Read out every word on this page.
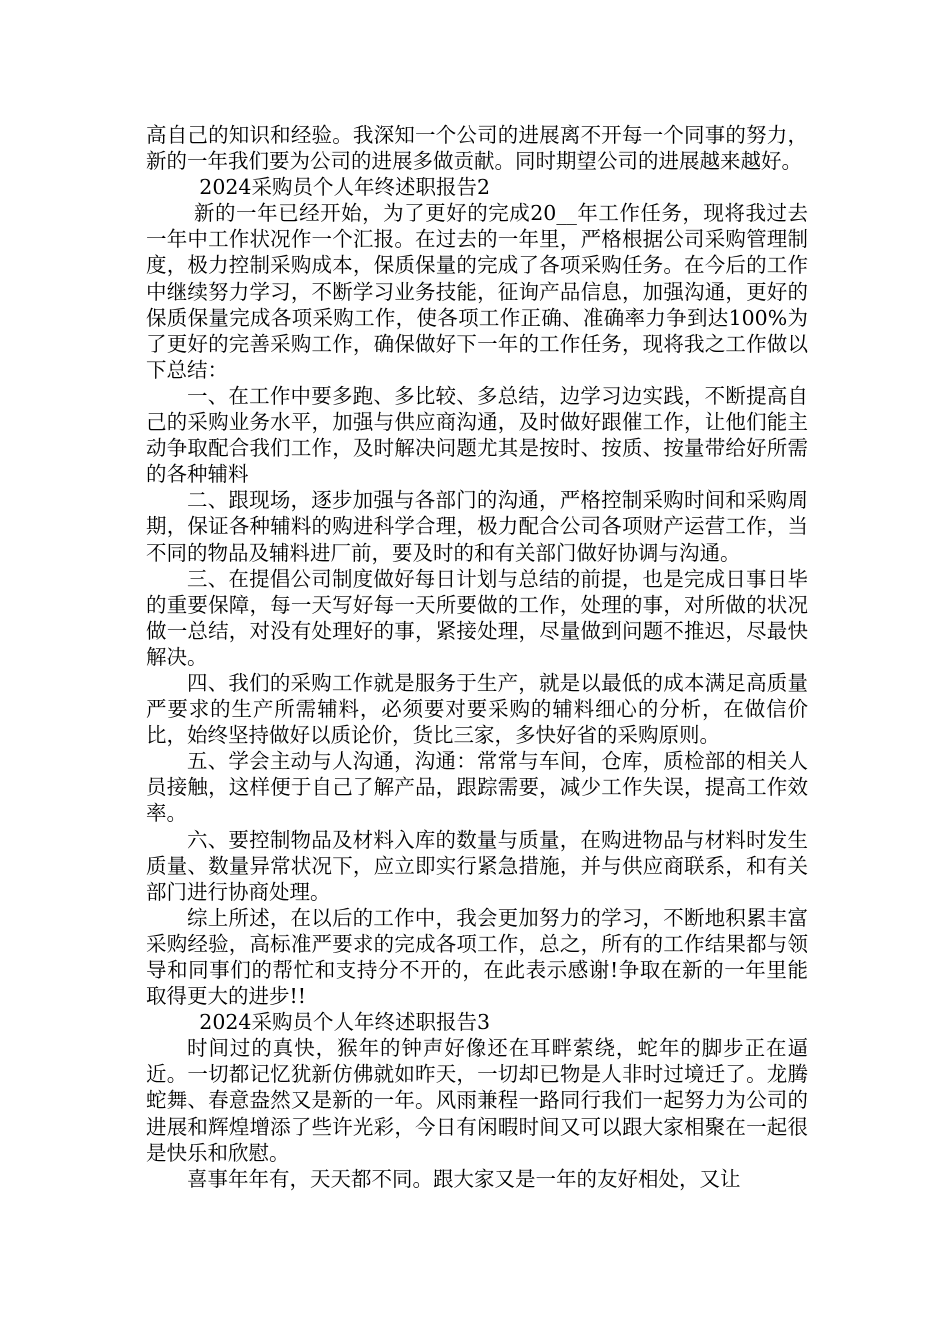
高自己的知识和经验。我深知一个公司的进展离不开每一个同事的努力，新的一年我们要为公司的进展多做贡献。同时期望公司的进展越来越好。

2024采购员个人年终述职报告2

新的一年已经开始，为了更好的完成20__年工作任务，现将我过去一年中工作状况作一个汇报。在过去的一年里，严格根据公司采购管理制度，极力控制采购成本，保质保量的完成了各项采购任务。在今后的工作中继续努力学习，不断学习业务技能，征询产品信息，加强沟通，更好的保质保量完成各项采购工作，使各项工作正确、准确率力争到达100%为了更好的完善采购工作，确保做好下一年的工作任务，现将我之工作做以下总结：

一、在工作中要多跑、多比较、多总结，边学习边实践，不断提高自己的采购业务水平，加强与供应商沟通，及时做好跟催工作，让他们能主动争取配合我们工作，及时解决问题尤其是按时、按质、按量带给好所需的各种辅料

二、跟现场，逐步加强与各部门的沟通，严格控制采购时间和采购周期，保证各种辅料的购进科学合理，极力配合公司各项财产运营工作，当不同的物品及辅料进厂前，要及时的和有关部门做好协调与沟通。

三、在提倡公司制度做好每日计划与总结的前提，也是完成日事日毕的重要保障，每一天写好每一天所要做的工作，处理的事，对所做的状况做一总结，对没有处理好的事，紧接处理，尽量做到问题不推迟，尽最快解决。

四、我们的采购工作就是服务于生产，就是以最低的成本满足高质量严要求的生产所需辅料，必须要对要采购的辅料细心的分析，在做信价比，始终坚持做好以质论价，货比三家，多快好省的采购原则。

五、学会主动与人沟通，沟通：常常与车间，仓库，质检部的相关人员接触，这样便于自己了解产品，跟踪需要，减少工作失误，提高工作效率。

六、要控制物品及材料入库的数量与质量，在购进物品与材料时发生质量、数量异常状况下，应立即实行紧急措施，并与供应商联系，和有关部门进行协商处理。

综上所述，在以后的工作中，我会更加努力的学习，不断地积累丰富采购经验，高标准严要求的完成各项工作，总之，所有的工作结果都与领导和同事们的帮忙和支持分不开的，在此表示感谢!争取在新的一年里能取得更大的进步!!

2024采购员个人年终述职报告3

时间过的真快，猴年的钟声好像还在耳畔萦绕，蛇年的脚步正在逼近。一切都记忆犹新仿佛就如昨天，一切却已物是人非时过境迁了。龙腾蛇舞、春意盎然又是新的一年。风雨兼程一路同行我们一起努力为公司的进展和辉煌增添了些许光彩，今日有闲暇时间又可以跟大家相聚在一起很是快乐和欣慰。

喜事年年有，天天都不同。跟大家又是一年的友好相处，又让
